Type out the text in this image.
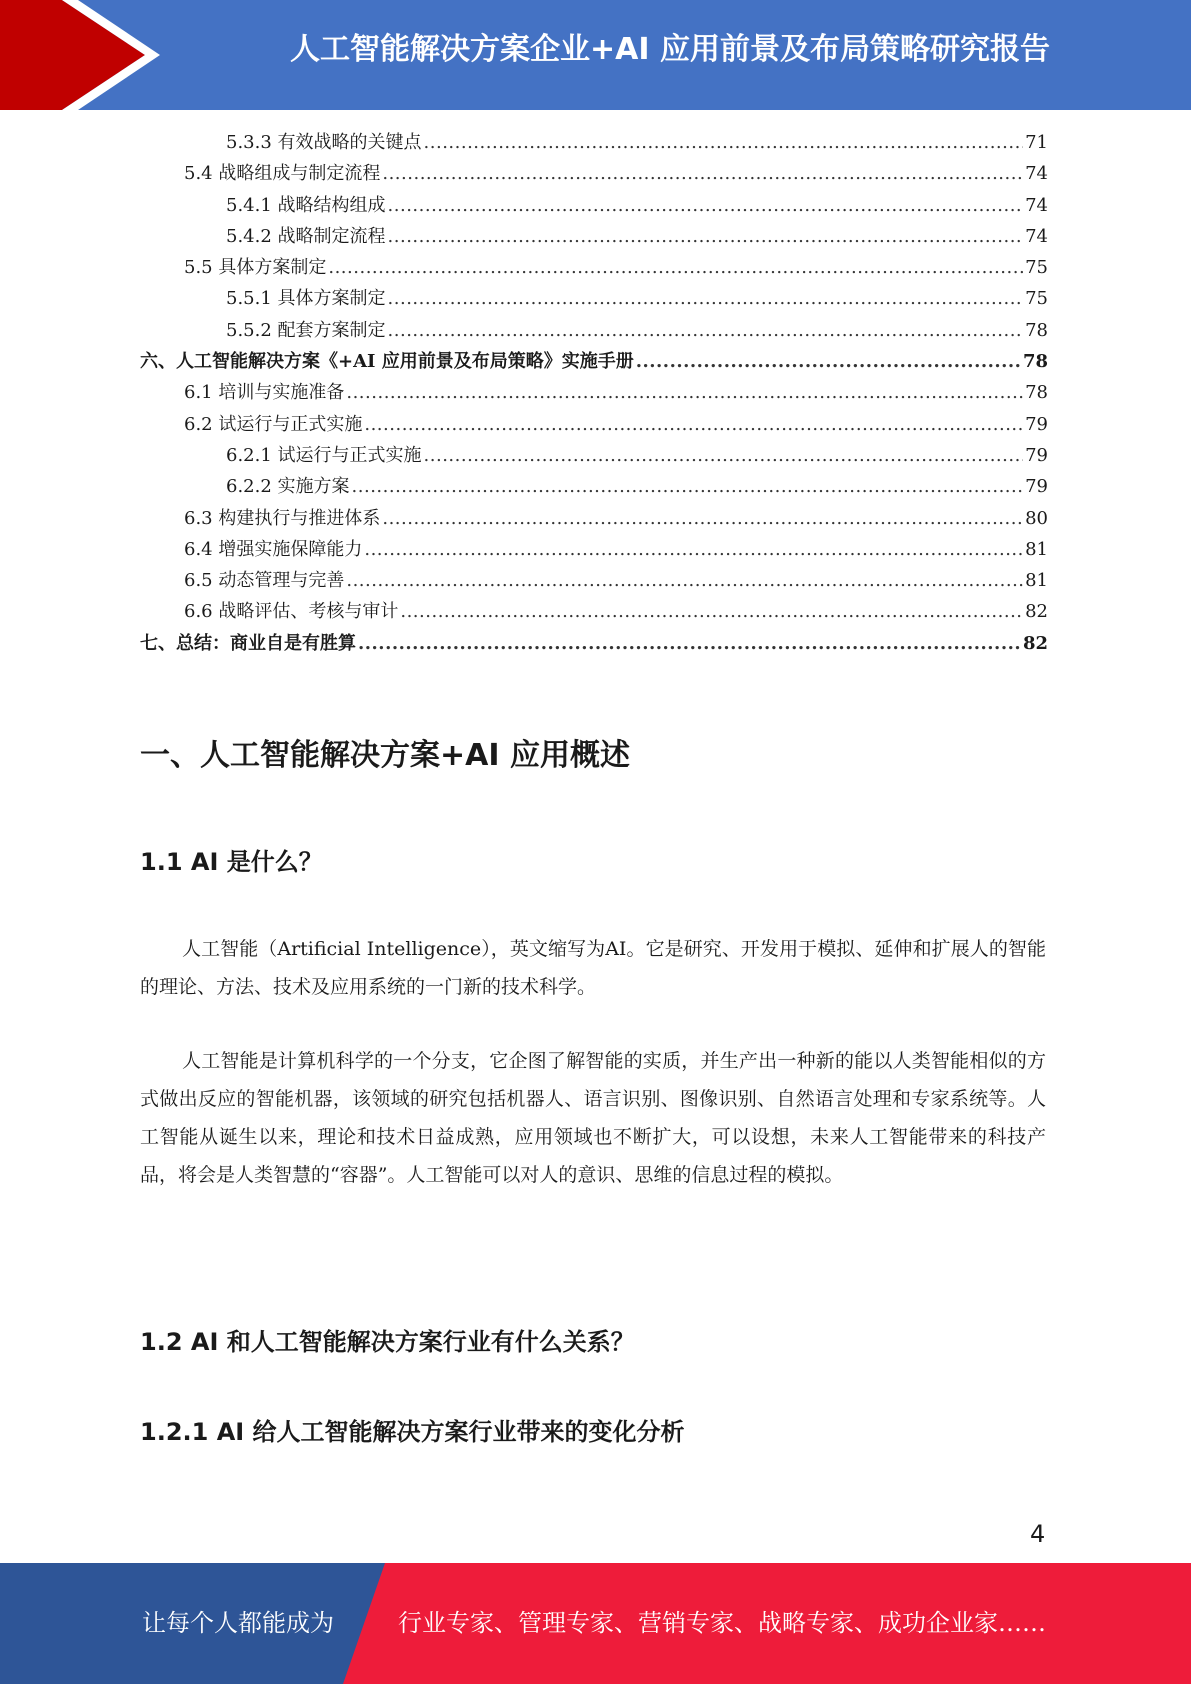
人工智能解决方案企业+AI 应用前景及布局策略研究报告
5.3.3 有效战略的关键点 .....	71
5.4 战略组成与制定流程 .....	74
5.4.1 战略结构组成 .....	74
5.4.2 战略制定流程 .....	74
5.5 具体方案制定 .....	75
5.5.1 具体方案制定 .....	75
5.5.2 配套方案制定 .....	78
六、人工智能解决方案《+AI 应用前景及布局策略》实施手册 .....	78
6.1 培训与实施准备 .....	78
6.2 试运行与正式实施 .....	79
6.2.1 试运行与正式实施 .....	79
6.2.2 实施方案 .....	79
6.3 构建执行与推进体系 .....	80
6.4 增强实施保障能力 .....	81
6.5 动态管理与完善 .....	81
6.6 战略评估、考核与审计 .....	82
七、总结：商业自是有胜算 .....	82
一、人工智能解决方案+AI 应用概述
1.1 AI 是什么？

人工智能（Artificial Intelligence），英文缩写为AI。它是研究、开发用于模拟、延伸和扩展人的智能的理论、方法、技术及应用系统的一门新的技术科学。

人工智能是计算机科学的一个分支，它企图了解智能的实质，并生产出一种新的能以人类智能相似的方式做出反应的智能机器，该领域的研究包括机器人、语言识别、图像识别、自然语言处理和专家系统等。人工智能从诞生以来，理论和技术日益成熟，应用领域也不断扩大，可以设想，未来人工智能带来的科技产品，将会是人类智慧的“容器”。人工智能可以对人的意识、思维的信息过程的模拟。

1.2 AI 和人工智能解决方案行业有什么关系？
1.2.1 AI 给人工智能解决方案行业带来的变化分析
4
让每个人都能成为	行业专家、管理专家、营销专家、战略专家、成功企业家……
